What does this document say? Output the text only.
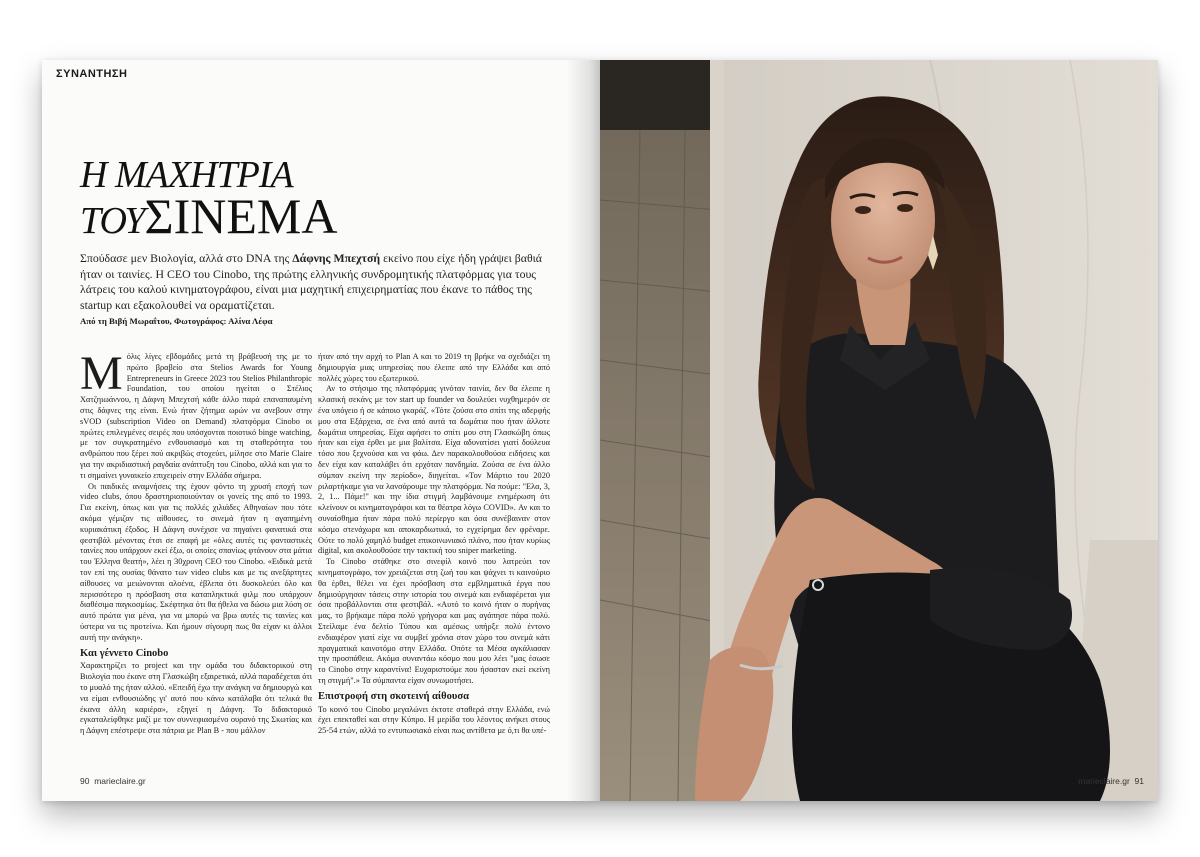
ΣΥΝΑΝΤΗΣΗ
Η ΜΑΧΗΤΡΙΑ
ΤΟΥΣΙΝΕΜΑ

Σπούδασε μεν Βιολογία, αλλά στο DNA της Δάφνης Μπεχτσή εκείνο που είχε ήδη γράψει βαθιά ήταν οι ταινίες. Η CEO του Cinobo, της πρώτης ελληνικής συνδρομητικής πλατφόρμας για τους λάτρεις του καλού κινηματογράφου, είναι μια μαχητική επιχειρηματίας που έκανε το πάθος της startup και εξακολουθεί να οραματίζεται.

Από τη Βιβή Μωραΐτου, Φωτογράφος: Αλίνα Λέφα

Μόλις λίγες εβδομάδες μετά τη βράβευσή της με το πρώτο βραβείο στα Stelios Awards for Young Entrepreneurs in Greece 2023 του Stelios Philanthropic Foundation, του οποίου ηγείται ο Στέλιος Χατζηιωάννου, η Δάφνη Μπεχτσή κάθε άλλο παρά επαναπαυμένη στις δάφνες της είναι. Ενώ ήταν ζήτημα ωρών να ανεβουν στην sVOD (subscription Video on Demand) πλατφόρμα Cinobo οι πρώτες επιλεγμένες σειρές που υπόσχονται ποιοτικό binge watching, με τον συγκρατημένο ενθουσιασμό και τη σταθερότητα του ανθρώπου που ξέρει πού ακριβώς στοχεύει, μίλησε στο Marie Claire για την ακριδιαστική ραγδαία ανάπτυξη του Cinobo, αλλά και για το τι σημαίνει γυναικείο επιχειρείν στην Ελλάδα σήμερα.

Οι παιδικές αναμνήσεις της έχουν φόντο τη χρυσή εποχή των video clubs, όπου δραστηριοποιούνταν οι γονείς της από το 1993. Για εκείνη, όπως και για τις πολλές χιλιάδες Αθηναίων που τότε ακόμα γέμιζαν τις αίθουσες, το σινεμά ήταν η αγαπημένη κυριακάτικη έξοδος. Η Δάφνη συνέχισε να πηγαίνει φανατικά στα φεστιβάλ μένοντας έτσι σε επαφή με «όλες αυτές τις φανταστικές ταινίες που υπάρχουν εκεί έξω, οι οποίες σπανίως φτάνουν στα μάτια του Έλληνα θεατή», λέει η 30χρονη CEO του Cinobo. «Ειδικά μετά τον επί της ουσίας θάνατο των video clubs και με τις ανεξάρτητες αίθουσες να μειώνονται αλοένα, έβλεπα ότι δυσκολεύει όλο και περισσότερο η πρόσβαση στα καταπληκτικά φιλμ που υπάρχουν διαθέσιμα παγκοσμίως. Σκέφτηκα ότι θα ήθελα να δώσω μια λύση σε αυτό πρώτα για μένα, για να μπορώ να βρω αυτές τις ταινίες και ύστερα να τις προτείνω. Και ήμουν σίγουρη πως θα είχαν κι άλλοι αυτή την ανάγκη».

Και γέννετο Cinobo

Χαρακτηρίζει το project και την ομάδα του διδακτορικού στη Βιολογία που έκανε στη Γλασκώβη εξαιρετικά, αλλά παραδέχεται ότι το μυαλό της ήταν αλλού. «Επειδή έχω την ανάγκη να δημιουργώ και να είμαι ενθουσιώδης γι' αυτό που κάνω κατάλαβα ότι τελικά θα έκανα άλλη καριέρα», εξηγεί η Δάφνη. Το διδακτορικό εγκαταλείφθηκε μαζί με τον συννεφιασμένο ουρανό της Σκωτίας και η Δάφνη επέστρεψε στα πάτρια με Plan B - που μάλλον

ήταν από την αρχή το Plan A και το 2019 τη βρήκε να σχεδιάζει τη δημιουργία μιας υπηρεσίας που έλειπε από την Ελλάδα και από πολλές χώρες του εξωτερικού.

Αν το στήσιμο της πλατφόρμας γινόταν ταινία, δεν θα έλειπε η κλασική σεκάνς με τον start up founder να δουλεύει νυχθημερόν σε ένα υπόγειο ή σε κάποιο γκαράζ. «Τότε ζούσα στο σπίτι της αδερφής μου στα Εξάρχεια, σε ένα από αυτά τα δωμάτια που ήταν άλλοτε δωμάτια υπηρεσίας. Είχα αφήσει το σπίτι μου στη Γλασκώβη όπως ήταν και είχα έρθει με μια βαλίτσα. Είχα αδυνατίσει γιατί δούλευα τόσο που ξεχνούσα και να φάω. Δεν παρακολουθούσα ειδήσεις και δεν είχα καν καταλάβει ότι ερχόταν πανδημία. Ζούσα σε ένα άλλο σύμπαν εκείνη την περίοδο», διηγείται. «Τον Μάρτιο του 2020 ριλαρτήκαμε για να λανσάρουμε την πλατφόρμα. Να πούμε: "Ελα, 3, 2, 1... Πάμε!" και την ίδια στιγμή λαμβάνουμε ενημέρωση ότι κλείνουν οι κινηματογράφοι και τα θέατρα λόγω COVID». Αν και το συναίσθημα ήταν πάρα πολύ περίεργο και όσα συνέβαιναν στον κόσμο στενάχωρα και αποκαρδιωτικά, το εγχείρημα δεν φρέναρε. Ούτε το πολύ χαμηλό budget επικοινωνιακό πλάνο, που ήταν κυρίως digital, και ακολουθούσε την τακτική του sniper marketing.

Το Cinobo στάθηκε στο σινεφίλ κοινό που λατρεύει τον κινηματογράφο, τον χρειάζεται στη ζωή του και ψάχνει τι καινούριο θα έρθει, θέλει να έχει πρόσβαση στα εμβληματικά έργα που δημιούργησαν τάσεις στην ιστορία του σινεμά και ενδιαφέρεται για όσα προβάλλονται στα φεστιβάλ. «Αυτό το κοινό ήταν ο πυρήνας μας, το βρήκαμε πάρα πολύ γρήγορα και μας αγάπησε πάρα πολύ. Στείλαμε ένα δελτίο Τύπου και αμέσως υπήρξε πολύ έντονο ενδιαφέρον γιατί είχε να συμβεί χρόνια στον χώρο του σινεμά κάτι πραγματικά καινοτόμο στην Ελλάδα. Οπότε τα Μέσα αγκάλιασαν την προσπάθεια. Ακόμα συναντάω κόσμο που μου λέει "μας έσωσε το Cinobo στην καραντίνα! Ευχαριστούμε που ήσασταν εκεί εκείνη τη στιγμή".» Τα σύμπαντα είχαν συνωμοτήσει.

Επιστροφή στη σκοτεινή αίθουσα

Το κοινό του Cinobo μεγαλώνει έκτοτε σταθερά στην Ελλάδα, ενώ έχει επεκταθεί και στην Κύπρο. Η μερίδα του λέοντος ανήκει στους 25-54 ετών, αλλά το εντυπωσιακό είναι πως αντίθετα με ό,τι θα υπέ-

90 marieclaire.gr	marieclaire.gr 91
